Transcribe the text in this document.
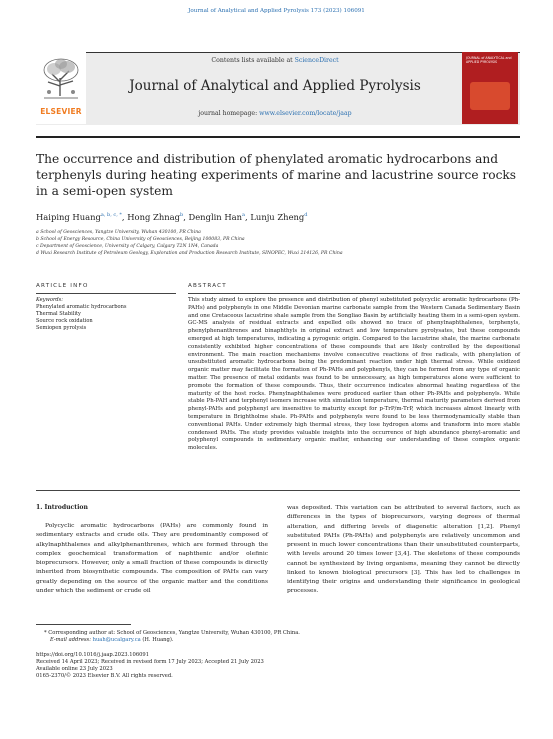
Journal of Analytical and Applied Pyrolysis 173 (2023) 106091
ELSEVIER
Contents lists available at ScienceDirect
Journal of Analytical and Applied Pyrolysis
journal homepage: www.elsevier.com/locate/jaap
JOURNAL of ANALYTICAL and APPLIED PYROLYSIS
The occurrence and distribution of phenylated aromatic hydrocarbons and terphenyls during heating experiments of marine and lacustrine source rocks in a semi-open system
Haiping Huang$^{a, b, c, *}$, Hong Zhnag$^b$, Denglin Han$^a$, Lunju Zheng$^d$
a School of Geosciences, Yangtze University, Wuhan 430100, PR China
b School of Energy Resource, China University of Geosciences, Beijing 100083, PR China
c Department of Geoscience, University of Calgary, Calgary T2N 1N4, Canada
d Wuxi Research Institute of Petroleum Geology, Exploration and Production Research Institute, SINOPEC, Wuxi 214126, PR China
ARTICLE INFO	ABSTRACT
Keywords:
Phenylated aromatic hydrocarbons
Thermal Stability
Source rock oxidation
Semiopen pyrolysis
This study aimed to explore the presence and distribution of phenyl substituted polycyclic aromatic hydrocarbons (Ph-PAHs) and polyphenyls in one Middle Devonian marine carbonate sample from the Western Canada Sedimentary Basin and one Cretaceous lacustrine shale sample from the Songliao Basin by artificially heating them in a semi-open system. GC-MS analysis of residual extracts and expelled oils showed no trace of phenylnaphthalenes, terphenyls, phenylphenanthrenes and binaphthyls in original extract and low temperature pyrolysates, but these compounds emerged at high temperatures, indicating a pyrogenic origin. Compared to the lacustrine shale, the marine carbonate consistently exhibited higher concentrations of these compounds that are likely controlled by the depositional environment. The main reaction mechanisms involve consecutive reactions of free radicals, with phenylation of unsubstituted aromatic hydrocarbons being the predominant reaction under high thermal stress. While oxidized organic matter may facilitate the formation of Ph-PAHs and polyphenyls, they can be formed from any type of organic matter. The presence of metal oxidants was found to be unnecessary, as high temperatures alone were sufficient to promote the formation of these compounds. Thus, their occurrence indicates abnormal heating regardless of the maturity of the host rocks. Phenylnaphthalenes were produced earlier than other Ph-PAHs and polyphenyls. While stable Ph-PAH and terphenyl isomers increase with simulation temperature, thermal maturity parameters derived from phenyl-PAHs and polyphenyl are insensitive to maturity except for p-TrP/m-TrP, which increases almost linearly with temperature in Brightholme shale. Ph-PAHs and polyphenyls were found to be less thermodynamically stable than conventional PAHs. Under extremely high thermal stress, they lose hydrogen atoms and transform into more stable condensed PAHs. The study provides valuable insights into the occurrence of high abundance phenyl-aromatic and polyphenyl compounds in sedimentary organic matter, enhancing our understanding of these complex organic molecules.
1. Introduction
Polycyclic aromatic hydrocarbons (PAHs) are commonly found in sedimentary extracts and crude oils. They are predominantly composed of alkylnaphthalenes and alkylphenanthrenes, which are formed through the complex geochemical transformation of naphthenic and/or olefinic bioprecursors. However, only a small fraction of these compounds is directly inherited from biosynthetic compounds. The composition of PAHs can vary greatly depending on the source of the organic matter and the conditions under which the sediment or crude oil
was deposited. This variation can be attributed to several factors, such as differences in the types of bioprecursors, varying degrees of thermal alteration, and differing levels of diagenetic alteration [1,2]. Phenyl substituted PAHs (Ph-PAHs) and polyphenyls are relatively uncommon and present in much lower concentrations than their unsubstituted counterparts, with levels around 20 times lower [3,4]. The skeletons of these compounds cannot be synthesized by living organisms, meaning they cannot be directly linked to known biological precursors [3]. This has led to challenges in identifying their origins and understanding their significance in geological processes.
* Corresponding author at: School of Geosciences, Yangtze University, Wuhan 430100, PR China.
E-mail address: huah@ucalgary.ca (H. Huang).
https://doi.org/10.1016/j.jaap.2023.106091
Received 14 April 2023; Received in revised form 17 July 2023; Accepted 21 July 2023
Available online 23 July 2023
0165-2370/© 2023 Elsevier B.V. All rights reserved.
